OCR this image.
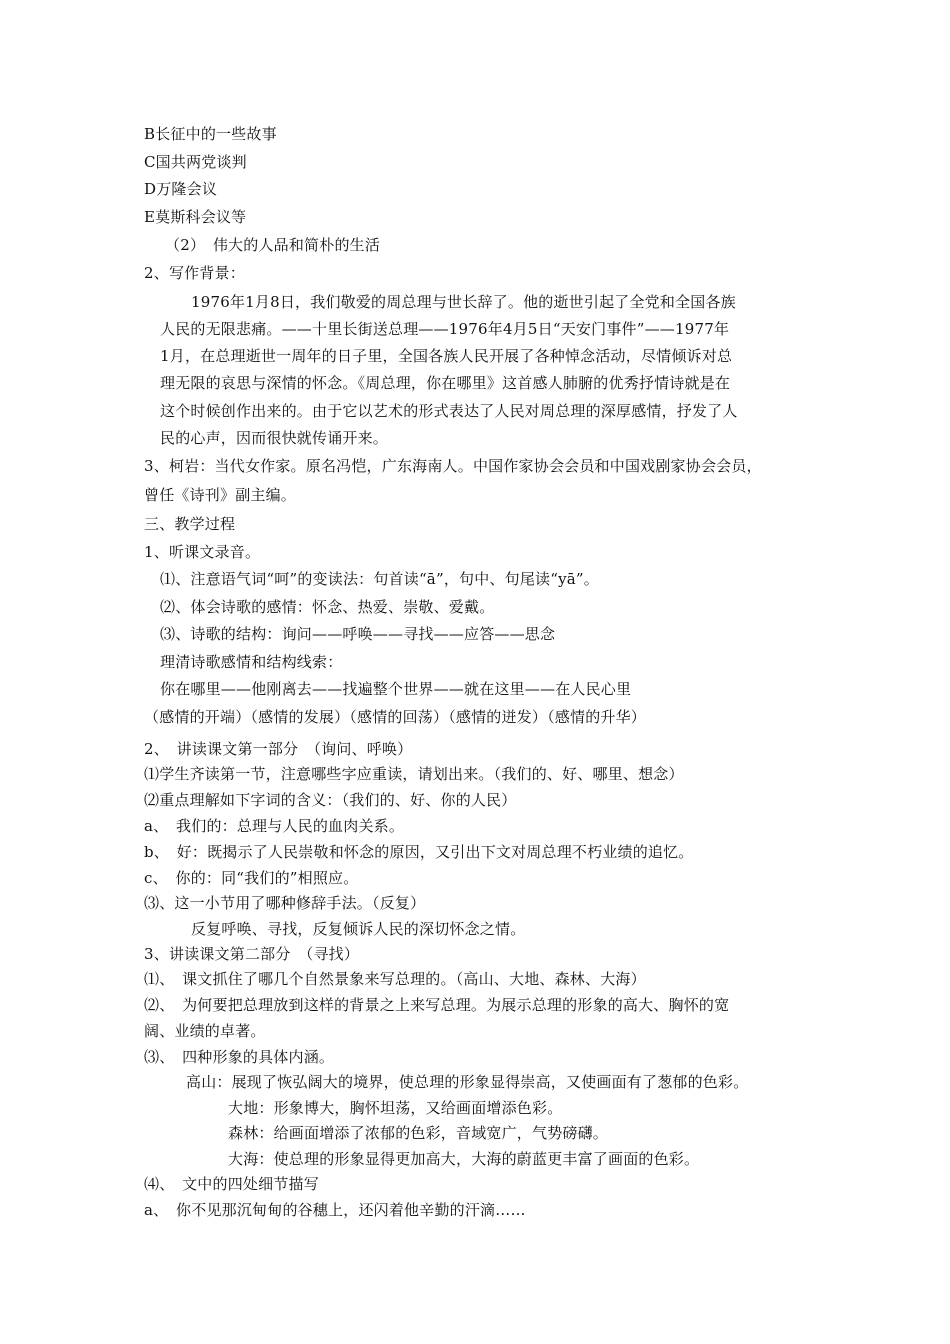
B长征中的一些故事
C国共两党谈判
D万隆会议
E莫斯科会议等
（2）　伟大的人品和简朴的生活
2、写作背景：
1976年1月8日，我们敬爱的周总理与世长辞了。他的逝世引起了全党和全国各族
人民的无限悲痛。——十里长街送总理——1976年4月5日“天安门事件”——1977年
1月，在总理逝世一周年的日子里，全国各族人民开展了各种悼念活动，尽情倾诉对总
理无限的哀思与深情的怀念。《周总理，你在哪里》这首感人肺腑的优秀抒情诗就是在
这个时候创作出来的。由于它以艺术的形式表达了人民对周总理的深厚感情，抒发了人
民的心声，因而很快就传诵开来。
3、柯岩：当代女作家。原名冯恺，广东海南人。中国作家协会会员和中国戏剧家协会会员，
曾任《诗刊》副主编。
三、教学过程
1、听课文录音。
⑴、注意语气词“呵”的变读法：句首读“ā”，句中、句尾读“yā”。
⑵、体会诗歌的感情：怀念、热爱、崇敬、爱戴。
⑶、诗歌的结构：询问——呼唤——寻找——应答——思念
理清诗歌感情和结构线索：
你在哪里——他刚离去——找遍整个世界——就在这里——在人民心里
（感情的开端）（感情的发展）（感情的回荡）（感情的迸发）（感情的升华）
2、　讲读课文第一部分　（询问、呼唤）
⑴学生齐读第一节，注意哪些字应重读，请划出来。（我们的、好、哪里、想念）
⑵重点理解如下字词的含义：（我们的、好、你的人民）
a、　我们的：总理与人民的血肉关系。
b、　好：既揭示了人民崇敬和怀念的原因，又引出下文对周总理不朽业绩的追忆。
c、　你的：同“我们的”相照应。
⑶、这一小节用了哪种修辞手法。（反复）
反复呼唤、寻找，反复倾诉人民的深切怀念之情。
3、讲读课文第二部分　（寻找）
⑴、　课文抓住了哪几个自然景象来写总理的。（高山、大地、森林、大海）
⑵、　为何要把总理放到这样的背景之上来写总理。为展示总理的形象的高大、胸怀的宽
阔、业绩的卓著。
⑶、　四种形象的具体内涵。
高山：展现了恢弘阔大的境界，使总理的形象显得崇高，又使画面有了葱郁的色彩。
大地：形象博大，胸怀坦荡，又给画面增添色彩。
森林：给画面增添了浓郁的色彩，音域宽广，气势磅礴。
大海：使总理的形象显得更加高大，大海的蔚蓝更丰富了画面的色彩。
⑷、　文中的四处细节描写
a、　你不见那沉甸甸的谷穗上，还闪着他辛勤的汗滴……
